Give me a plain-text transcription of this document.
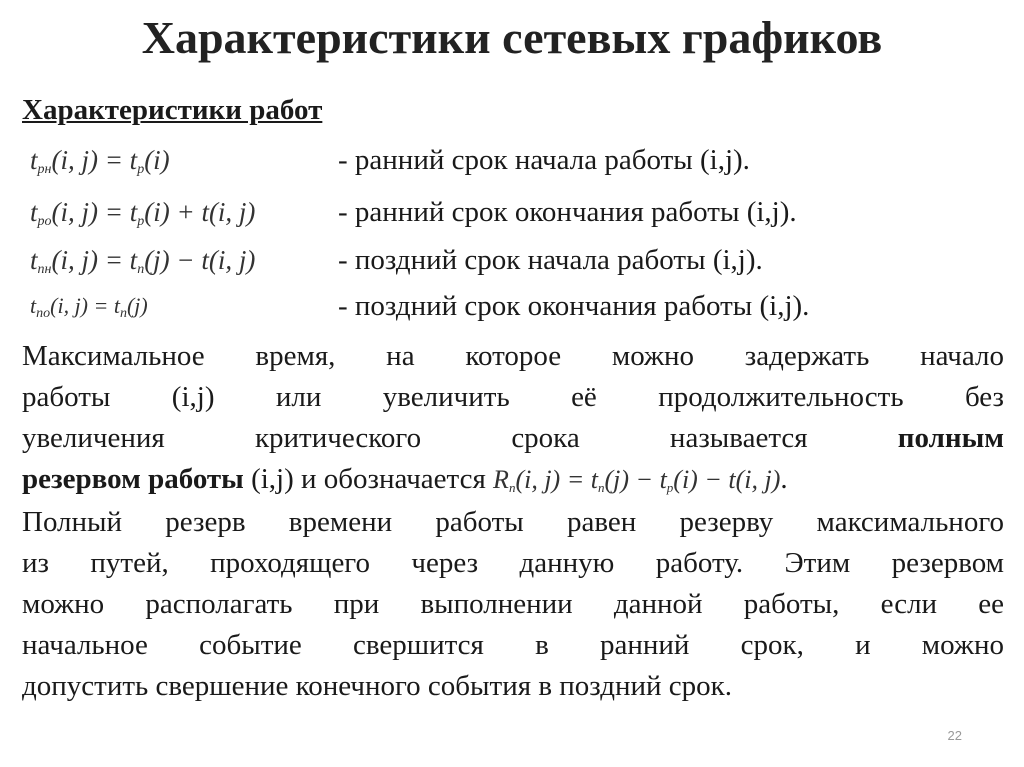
Характеристики сетевых графиков
Характеристики работ
$t_{рн}(i$, $j) = t_р(i)$	- ранний срок начала работы (i,j).
$t_{ро}(i$, $j) = t_р(i) + t(i$, j)	- ранний срок окончания работы (i,j).
$t_{пн}(i$, $j) = t_п(j) - t(i$, j)	- поздний срок начала работы (i,j).
$t_{по}(i$, $j) = t_п(j)$	- поздний срок окончания работы (i,j).
Максимальное время, на которое можно задержать начало
работы (i,j) или увеличить её продолжительность без
увеличения критического срока называется	полным
резервом работы (i,j) и обозначается $R_п(i$, $j) = t_п(j) - t_р(i) - t(i$, j).
Полный резерв времени работы равен резерву максимального
из путей, проходящего через данную работу. Этим резервом
можно располагать при выполнении данной работы, если ее
начальное событие свершится в ранний срок, и можно
допустить свершение конечного события в поздний срок.
22
